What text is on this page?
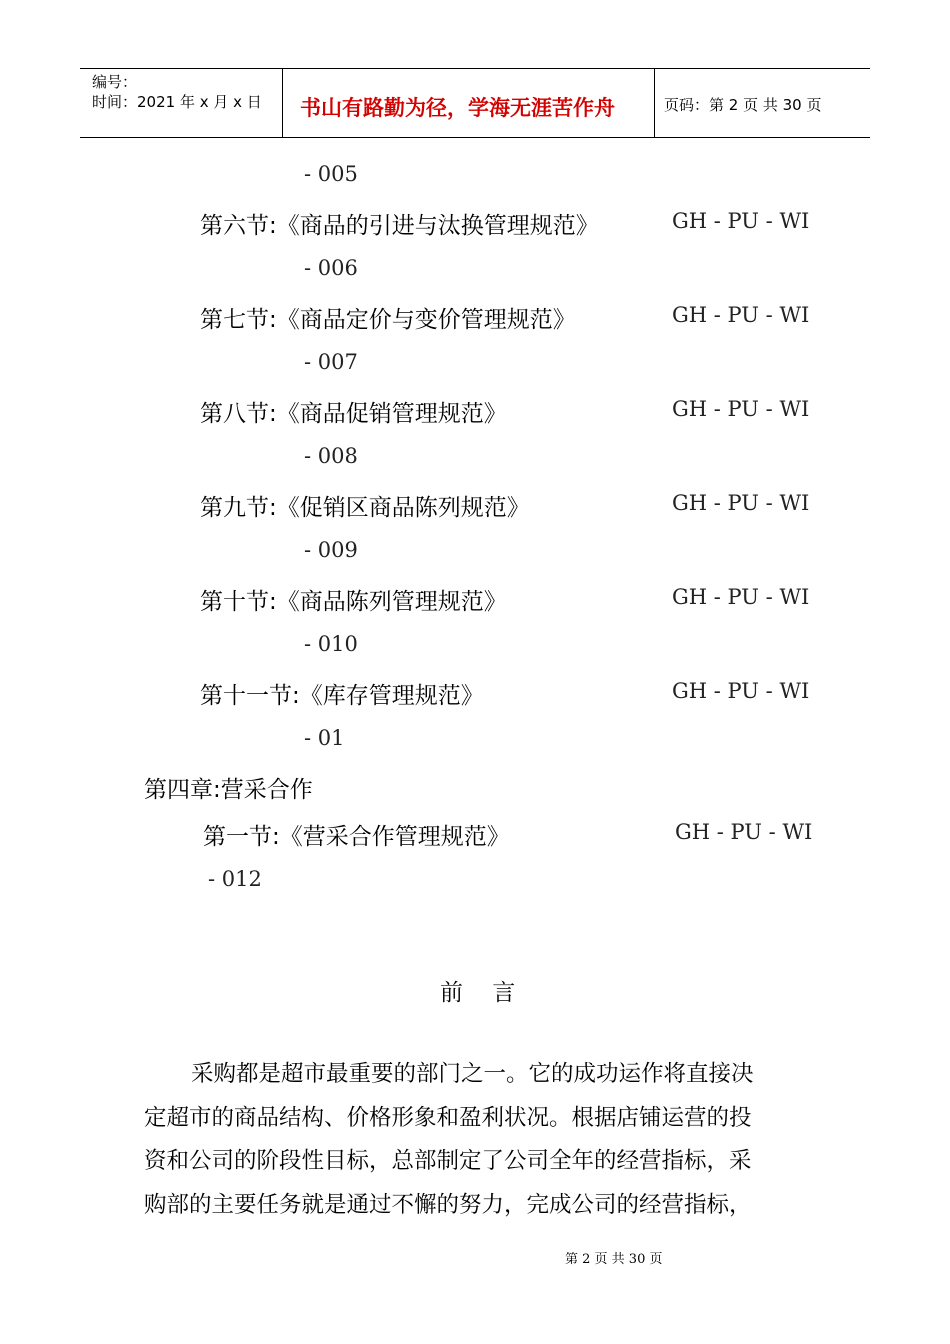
编号：
时间：2021 年 x 月 x 日 书山有路勤为径，学海无涯苦作舟	页码：第 2 页 共 30 页
- 005
第六节:《商品的引进与汰换管理规范》	GH - PU - WI
- 006
第七节:《商品定价与变价管理规范》	GH - PU - WI
- 007
第八节:《商品促销管理规范》	GH - PU - WI
- 008
第九节:《促销区商品陈列规范》	GH - PU - WI
- 009
第十节:《商品陈列管理规范》	GH - PU - WI
- 010
第十一节:《库存管理规范》	GH - PU - WI
- 01
第四章:营采合作
第一节:《营采合作管理规范》	GH - PU - WI
- 012
前    言
采购都是超市最重要的部门之一。它的成功运作将直接决
定超市的商品结构、价格形象和盈利状况。根据店铺运营的投
资和公司的阶段性目标，总部制定了公司全年的经营指标，采
购部的主要任务就是通过不懈的努力，完成公司的经营指标，
第 2 页 共 30 页
